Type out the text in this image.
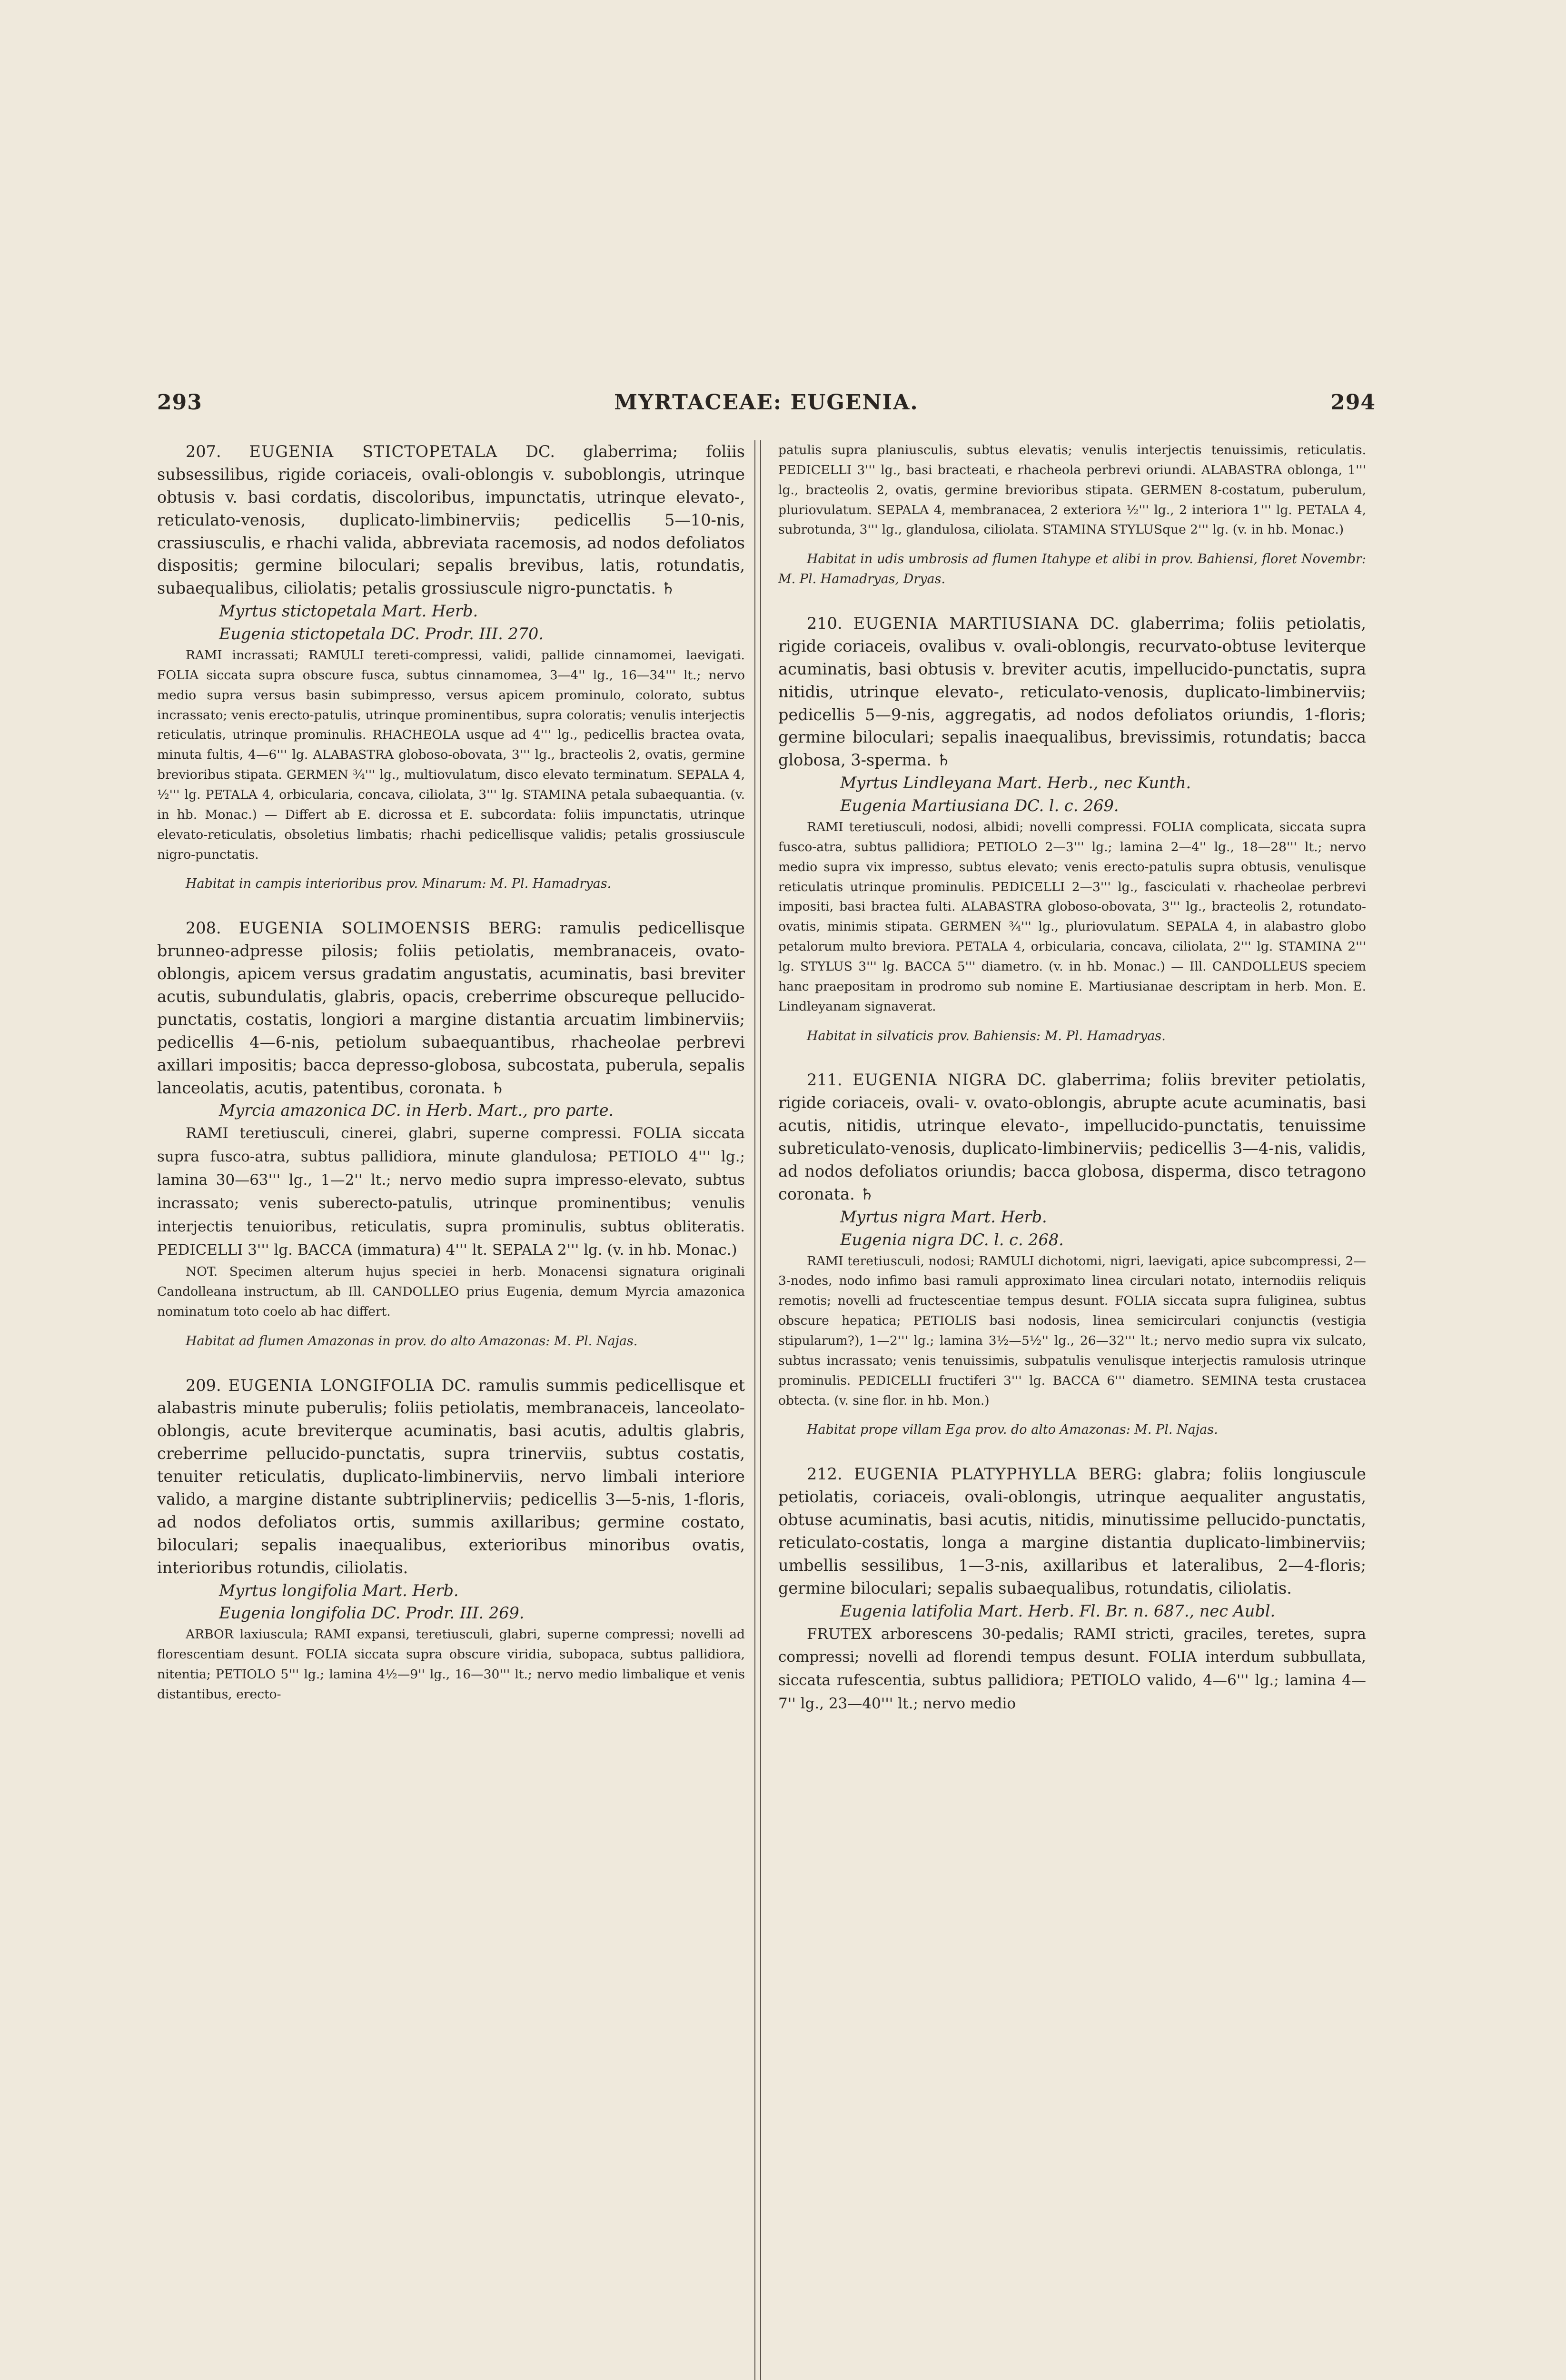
293	MYRTACEAE: EUGENIA.	294

207. EUGENIA STICTOPETALA DC. glaberrima; foliis subsessilibus, rigide coriaceis, ovali-oblongis v. suboblongis, utrinque obtusis v. basi cordatis, discoloribus, impunctatis, utrinque elevato-, reticulato-venosis, duplicato-limbinerviis; pedicellis 5—10-nis, crassiusculis, e rhachi valida, abbreviata racemosis, ad nodos defoliatos dispositis; germine biloculari; sepalis brevibus, latis, rotundatis, subaequalibus, ciliolatis; petalis grossiuscule nigro-punctatis. ♄

Myrtus stictopetala Mart. Herb.

Eugenia stictopetala DC. Prodr. III. 270.

RAMI incrassati; RAMULI tereti-compressi, validi, pallide cinnamomei, laevigati. FOLIA siccata supra obscure fusca, subtus cinnamomea, 3—4'' lg., 16—34''' lt.; nervo medio supra versus basin subimpresso, versus apicem prominulo, colorato, subtus incrassato; venis erecto-patulis, utrinque prominentibus, supra coloratis; venulis interjectis reticulatis, utrinque prominulis. RHACHEOLA usque ad 4''' lg., pedicellis bractea ovata, minuta fultis, 4—6''' lg. ALABASTRA globoso-obovata, 3''' lg., bracteolis 2, ovatis, germine brevioribus stipata. GERMEN ¾''' lg., multiovulatum, disco elevato terminatum. SEPALA 4, ½''' lg. PETALA 4, orbicularia, concava, ciliolata, 3''' lg. STAMINA petala subaequantia. (v. in hb. Monac.) — Differt ab E. dicrossa et E. subcordata: foliis impunctatis, utrinque elevato-reticulatis, obsoletius limbatis; rhachi pedicellisque validis; petalis grossiuscule nigro-punctatis.

Habitat in campis interioribus prov. Minarum: M. Pl. Hamadryas.

208. EUGENIA SOLIMOENSIS BERG: ramulis pedicellisque brunneo-adpresse pilosis; foliis petiolatis, membranaceis, ovato-oblongis, apicem versus gradatim angustatis, acuminatis, basi breviter acutis, subundulatis, glabris, opacis, creberrime obscureque pellucido-punctatis, costatis, longiori a margine distantia arcuatim limbinerviis; pedicellis 4—6-nis, petiolum subaequantibus, rhacheolae perbrevi axillari impositis; bacca depresso-globosa, subcostata, puberula, sepalis lanceolatis, acutis, patentibus, coronata. ♄

Myrcia amazonica DC. in Herb. Mart., pro parte.

RAMI teretiusculi, cinerei, glabri, superne compressi. FOLIA siccata supra fusco-atra, subtus pallidiora, minute glandulosa; PETIOLO 4''' lg.; lamina 30—63''' lg., 1—2'' lt.; nervo medio supra impresso-elevato, subtus incrassato; venis suberecto-patulis, utrinque prominentibus; venulis interjectis tenuioribus, reticulatis, supra prominulis, subtus obliteratis. PEDICELLI 3''' lg. BACCA (immatura) 4''' lt. SEPALA 2''' lg. (v. in hb. Monac.)

NOT. Specimen alterum hujus speciei in herb. Monacensi signatura originali Candolleana instructum, ab Ill. CANDOLLEO prius Eugenia, demum Myrcia amazonica nominatum toto coelo ab hac differt.

Habitat ad flumen Amazonas in prov. do alto Amazonas: M. Pl. Najas.

209. EUGENIA LONGIFOLIA DC. ramulis summis pedicellisque et alabastris minute puberulis; foliis petiolatis, membranaceis, lanceolato-oblongis, acute breviterque acuminatis, basi acutis, adultis glabris, creberrime pellucido-punctatis, supra trinerviis, subtus costatis, tenuiter reticulatis, duplicato-limbinerviis, nervo limbali interiore valido, a margine distante subtriplinerviis; pedicellis 3—5-nis, 1-floris, ad nodos defoliatos ortis, summis axillaribus; germine costato, biloculari; sepalis inaequalibus, exterioribus minoribus ovatis, interioribus rotundis, ciliolatis.

Myrtus longifolia Mart. Herb.

Eugenia longifolia DC. Prodr. III. 269.

ARBOR laxiuscula; RAMI expansi, teretiusculi, glabri, superne compressi; novelli ad florescentiam desunt. FOLIA siccata supra obscure viridia, subopaca, subtus pallidiora, nitentia; PETIOLO 5''' lg.; lamina 4½—9'' lg., 16—30''' lt.; nervo medio limbalique et venis distantibus, erecto-

patulis supra planiusculis, subtus elevatis; venulis interjectis tenuissimis, reticulatis. PEDICELLI 3''' lg., basi bracteati, e rhacheola perbrevi oriundi. ALABASTRA oblonga, 1''' lg., bracteolis 2, ovatis, germine brevioribus stipata. GERMEN 8-costatum, puberulum, pluriovulatum. SEPALA 4, membranacea, 2 exteriora ½''' lg., 2 interiora 1''' lg. PETALA 4, subrotunda, 3''' lg., glandulosa, ciliolata. STAMINA STYLUSque 2''' lg. (v. in hb. Monac.)

Habitat in udis umbrosis ad flumen Itahype et alibi in prov. Bahiensi, floret Novembr: M. Pl. Hamadryas, Dryas.

210. EUGENIA MARTIUSIANA DC. glaberrima; foliis petiolatis, rigide coriaceis, ovalibus v. ovali-oblongis, recurvato-obtuse leviterque acuminatis, basi obtusis v. breviter acutis, impellucido-punctatis, supra nitidis, utrinque elevato-, reticulato-venosis, duplicato-limbinerviis; pedicellis 5—9-nis, aggregatis, ad nodos defoliatos oriundis, 1-floris; germine biloculari; sepalis inaequalibus, brevissimis, rotundatis; bacca globosa, 3-sperma. ♄

Myrtus Lindleyana Mart. Herb., nec Kunth.

Eugenia Martiusiana DC. l. c. 269.

RAMI teretiusculi, nodosi, albidi; novelli compressi. FOLIA complicata, siccata supra fusco-atra, subtus pallidiora; PETIOLO 2—3''' lg.; lamina 2—4'' lg., 18—28''' lt.; nervo medio supra vix impresso, subtus elevato; venis erecto-patulis supra obtusis, venulisque reticulatis utrinque prominulis. PEDICELLI 2—3''' lg., fasciculati v. rhacheolae perbrevi impositi, basi bractea fulti. ALABASTRA globoso-obovata, 3''' lg., bracteolis 2, rotundato-ovatis, minimis stipata. GERMEN ¾''' lg., pluriovulatum. SEPALA 4, in alabastro globo petalorum multo breviora. PETALA 4, orbicularia, concava, ciliolata, 2''' lg. STAMINA 2''' lg. STYLUS 3''' lg. BACCA 5''' diametro. (v. in hb. Monac.) — Ill. CANDOLLEUS speciem hanc praepositam in prodromo sub nomine E. Martiusianae descriptam in herb. Mon. E. Lindleyanam signaverat.

Habitat in silvaticis prov. Bahiensis: M. Pl. Hamadryas.

211. EUGENIA NIGRA DC. glaberrima; foliis breviter petiolatis, rigide coriaceis, ovali- v. ovato-oblongis, abrupte acute acuminatis, basi acutis, nitidis, utrinque elevato-, impellucido-punctatis, tenuissime subreticulato-venosis, duplicato-limbinerviis; pedicellis 3—4-nis, validis, ad nodos defoliatos oriundis; bacca globosa, disperma, disco tetragono coronata. ♄

Myrtus nigra Mart. Herb.

Eugenia nigra DC. l. c. 268.

RAMI teretiusculi, nodosi; RAMULI dichotomi, nigri, laevigati, apice subcompressi, 2—3-nodes, nodo infimo basi ramuli approximato linea circulari notato, internodiis reliquis remotis; novelli ad fructescentiae tempus desunt. FOLIA siccata supra fuliginea, subtus obscure hepatica; PETIOLIS basi nodosis, linea semicirculari conjunctis (vestigia stipularum?), 1—2''' lg.; lamina 3½—5½'' lg., 26—32''' lt.; nervo medio supra vix sulcato, subtus incrassato; venis tenuissimis, subpatulis venulisque interjectis ramulosis utrinque prominulis. PEDICELLI fructiferi 3''' lg. BACCA 6''' diametro. SEMINA testa crustacea obtecta. (v. sine flor. in hb. Mon.)

Habitat prope villam Ega prov. do alto Amazonas: M. Pl. Najas.

212. EUGENIA PLATYPHYLLA BERG: glabra; foliis longiuscule petiolatis, coriaceis, ovali-oblongis, utrinque aequaliter angustatis, obtuse acuminatis, basi acutis, nitidis, minutissime pellucido-punctatis, reticulato-costatis, longa a margine distantia duplicato-limbinerviis; umbellis sessilibus, 1—3-nis, axillaribus et lateralibus, 2—4-floris; germine biloculari; sepalis subaequalibus, rotundatis, ciliolatis.

Eugenia latifolia Mart. Herb. Fl. Br. n. 687., nec Aubl.

FRUTEX arborescens 30-pedalis; RAMI stricti, graciles, teretes, supra compressi; novelli ad florendi tempus desunt. FOLIA interdum subbullata, siccata rufescentia, subtus pallidiora; PETIOLO valido, 4—6''' lg.; lamina 4—7'' lg., 23—40''' lt.; nervo medio
